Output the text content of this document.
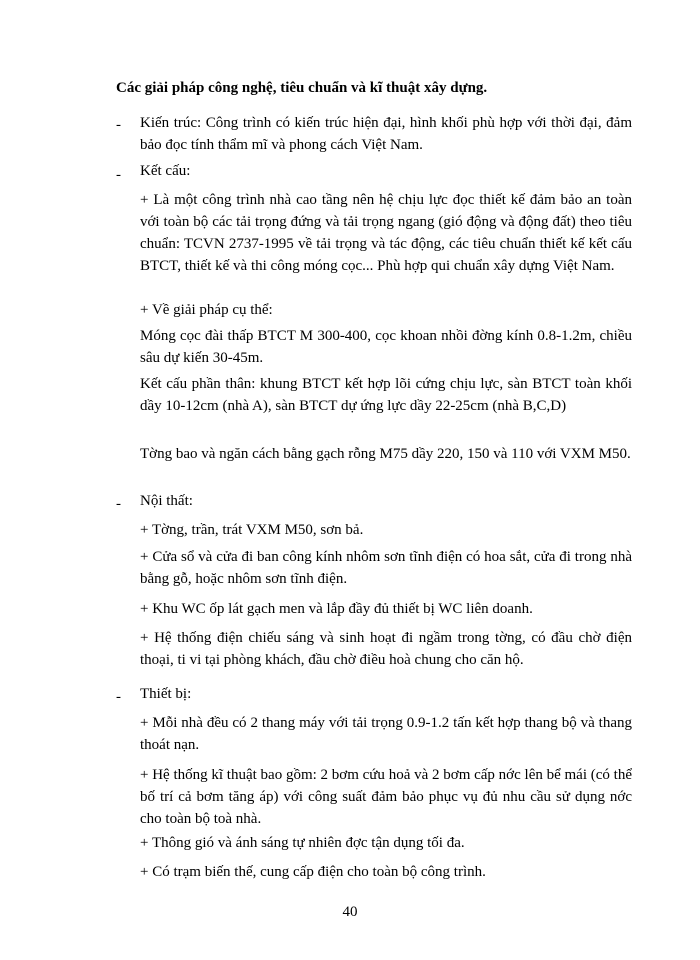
Các giải pháp công nghệ, tiêu chuẩn và kĩ thuật xây dựng.
- Kiến trúc: Công trình có kiến trúc hiện đại, hình khối phù hợp với thời đại, đảm bảo đọc tính thẩm mĩ và phong cách Việt Nam.
- Kết cấu:
+ Là một công trình nhà cao tầng nên hệ chịu lực đọc thiết kế đảm bảo an toàn với toàn bộ các tải trọng đứng và tải trọng ngang (gió động và động đất) theo tiêu chuẩn: TCVN 2737-1995 về tải trọng và tác động, các tiêu chuẩn thiết kế kết cấu BTCT, thiết kế và thi công móng cọc... Phù hợp qui chuẩn xây dựng Việt Nam.
+ Về giải pháp cụ thể:
Móng cọc đài thấp BTCT M 300-400, cọc khoan nhồi đờng kính 0.8-1.2m, chiều sâu dự kiến 30-45m.
Kết cấu phần thân: khung BTCT kết hợp lõi cứng chịu lực, sàn BTCT toàn khối dầy 10-12cm (nhà A), sàn BTCT dự ứng lực dầy 22-25cm (nhà B,C,D)
Tờng bao và ngăn cách bằng gạch rỗng M75 dầy 220, 150 và 110 với VXM M50.
- Nội thất:
+ Tờng, trần, trát VXM M50, sơn bả.
+ Cửa sổ và cửa đi ban công kính nhôm sơn tĩnh điện có hoa sắt, cửa đi trong nhà bằng gỗ, hoặc nhôm sơn tĩnh điện.
+ Khu WC ốp lát gạch men và lắp đầy đủ thiết bị WC liên doanh.
+ Hệ thống điện chiếu sáng và sinh hoạt đi ngầm trong tờng, có đầu chờ điện thoại, ti vi tại phòng khách, đầu chờ điều hoà chung cho căn hộ.
- Thiết bị:
+ Mỗi nhà đều có 2 thang máy với tải trọng 0.9-1.2 tấn kết hợp thang bộ và thang thoát nạn.
+ Hệ thống kĩ thuật bao gồm: 2 bơm cứu hoả và 2 bơm cấp nớc lên bể mái (có thể bố trí cả bơm tăng áp) với công suất đảm bảo phục vụ đủ nhu cầu sử dụng nớc cho toàn bộ toà nhà.
+ Thông gió và ánh sáng tự nhiên đợc tận dụng tối đa.
+ Có trạm biến thế, cung cấp điện cho toàn bộ công trình.
40
